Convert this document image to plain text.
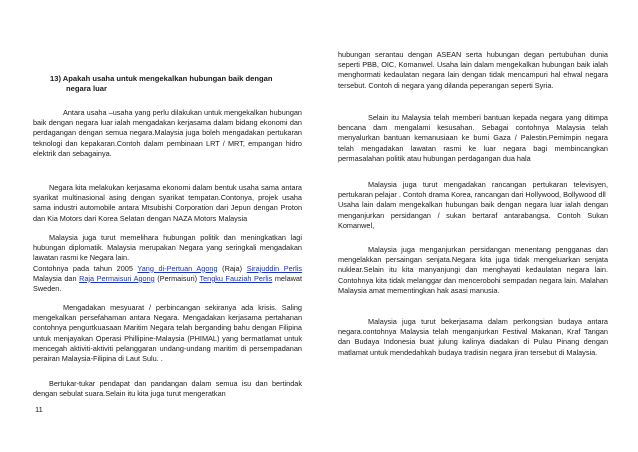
13) Apakah usaha untuk mengekalkan hubungan baik dengan
negara luar

Antara usaha –usaha yang perlu dilakukan untuk mengekalkan hubungan baik dengan negara luar ialah mengadakan kerjasama dalam bidang ekonomi dan perdagangan dengan semua negara.Malaysia juga boleh mengadakan pertukaran teknologi dan kepakaran.Contoh dalam pembinaan LRT / MRT, empangan hidro elektrik dan sebagainya.

Negara kita melakukan kerjasama ekonomi dalam bentuk usaha sama antara syarikat multinasional asing dengan syarikat tempatan.Contonya, projek usaha sama industri automobile antara Mtsubishi Corporation dari Jepun dengan Proton dan Kia Motors dari Korea Selatan dengan NAZA Motors Malaysia

Malaysia juga turut memelihara hubungan politik dan meningkatkan lagi hubungan diplomatik. Malaysia merupakan Negara yang seringkali mengadakan lawatan rasmi ke Negara lain.

Contohnya pada tahun 2005 Yang di-Pertuan Agong (Raja) Sirajuddin Perlis Malaysia dan Raja Permaisuri Agong (Permaisuri) Tengku Fauziah Perlis melawat Sweden.

Mengadakan mesyuarat / perbincangan sekiranya ada krisis. Saling mengekalkan persefahaman antara Negara. Mengadakan kerjasama pertahanan contohnya pengurtkuasaan Maritim Negara telah berganding bahu dengan Filipina untuk menjayakan Operasi Phillipine-Malaysia (PHIMAL) yang bermatlamat untuk mencegah aktiviti-aktiviti pelanggaran undang-undang maritim di persempadanan perairan Malaysia-Filipina di Laut Sulu. .

Bertukar-tukar pendapat dan pandangan dalam semua isu dan bertindak dengan sebulat suara.Selain itu kita juga turut mengeratkan

11

hubungan serantau dengan ASEAN serta hubungan degan pertubuhan dunia seperti PBB, OIC, Komanwel. Usaha lain dalam mengekalkan hubungan baik ialah menghormati kedaulatan negara lain dengan tidak mencampuri hal ehwal negara tersebut. Contoh di negara yang dilanda peperangan seperti Syria.

Selain itu Malaysia telah memberi bantuan kepada negara yang ditimpa bencana dam mengalami kesusahan. Sebagai contohnya Malaysia telah menyalurkan bantuan kemanusiaan ke bumi Gaza / Palestin.Pemimpin negara telah mengadakan lawatan rasmi ke luar negara bagi membincangkan permasalahan politik atau hubungan perdagangan dua hala

Malaysia juga turut mengadakan rancangan pertukaran televisyen, pertukaran pelajar . Contoh drama Korea, rancangan dari Hollywood, Bollywood dll

Usaha lain dalam mengekalkan hubungan baik dengan negara luar ialah dengan menganjurkan persidangan / sukan bertaraf antarabangsa. Contoh Sukan Komanwel,

Malaysia juga menganjurkan persidangan menentang pengganas dan mengelakkan persaingan senjata.Negara kita juga tidak mengeluarkan senjata nuklear.Selain itu kita manyanjungi dan menghayati kedaulatan negara lain. Contohnya kita tidak melanggar dan mencerobohi sempadan negara lain. Malahan Malaysia amat mementingkan hak asasi manusia.

Malaysia juga turut bekerjasama dalam perkongsian budaya antara negara.contohnya Malaysia telah menganjurkan Festival Makanan, Kraf Tangan dan Budaya Indonesia buat julung kalinya diadakan di Pulau Pinang dengan matlamat untuk mendedahkah budaya tradisin negara jiran tersebut di Malaysia.
